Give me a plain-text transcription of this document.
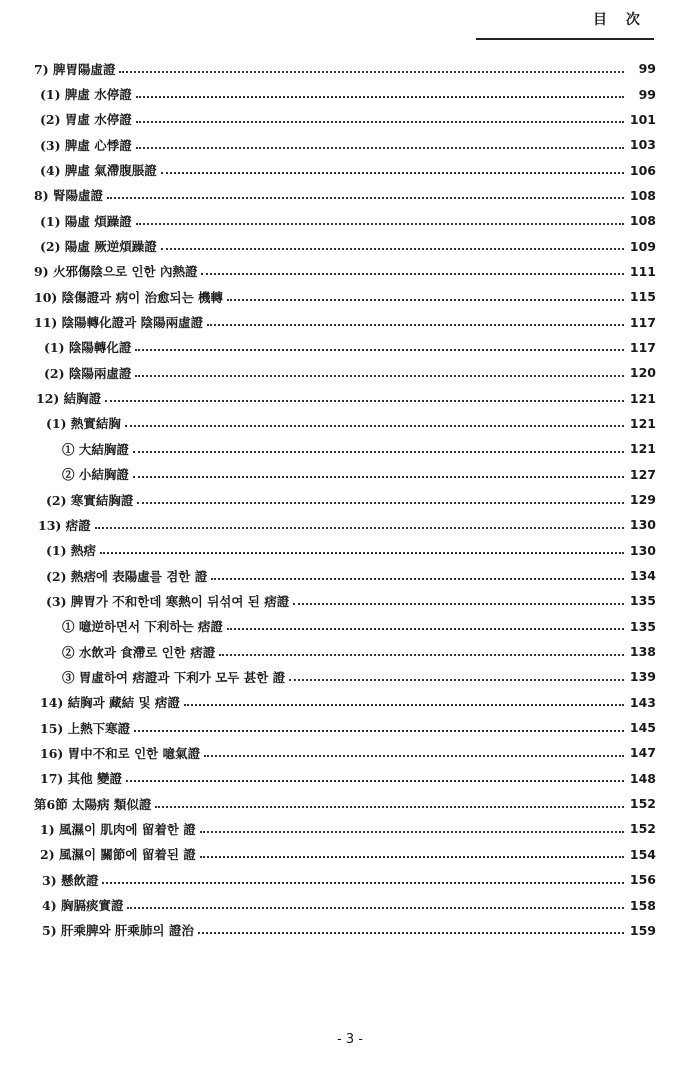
目 次
7) 脾胃陽虛證	99
(1) 脾虛 水停證	99
(2) 胃虛 水停證	101
(3) 脾虛 心悸證	103
(4) 脾虛 氣滯腹脹證	106
8) 腎陽虛證	108
(1) 陽虛 煩躁證	108
(2) 陽虛 厥逆煩躁證	109
9) 火邪傷陰으로 인한 內熱證	111
10) 陰傷證과 病이 治愈되는 機轉	115
11) 陰陽轉化證과 陰陽兩虛證	117
(1) 陰陽轉化證	117
(2) 陰陽兩虛證	120
12) 結胸證	121
(1) 熱實結胸	121
① 大結胸證	121
② 小結胸證	127
(2) 寒實結胸證	129
13) 痞證	130
(1) 熱痞	130
(2) 熱痞에 表陽虛를 겸한 證	134
(3) 脾胃가 不和한데 寒熱이 뒤섞여 된 痞證	135
① 噫逆하면서 下利하는 痞證	135
② 水飲과 食滯로 인한 痞證	138
③ 胃虛하여 痞證과 下利가 모두 甚한 證	139
14) 結胸과 藏結 및 痞證	143
15) 上熱下寒證	145
16) 胃中不和로 인한 噫氣證	147
17) 其他 變證	148
第6節 太陽病 類似證	152
1) 風濕이 肌肉에 留着한 證	152
2) 風濕이 關節에 留着된 證	154
3) 懸飲證	156
4) 胸膈痰實證	158
5) 肝乘脾와 肝乘肺의 證治	159
- 3 -
